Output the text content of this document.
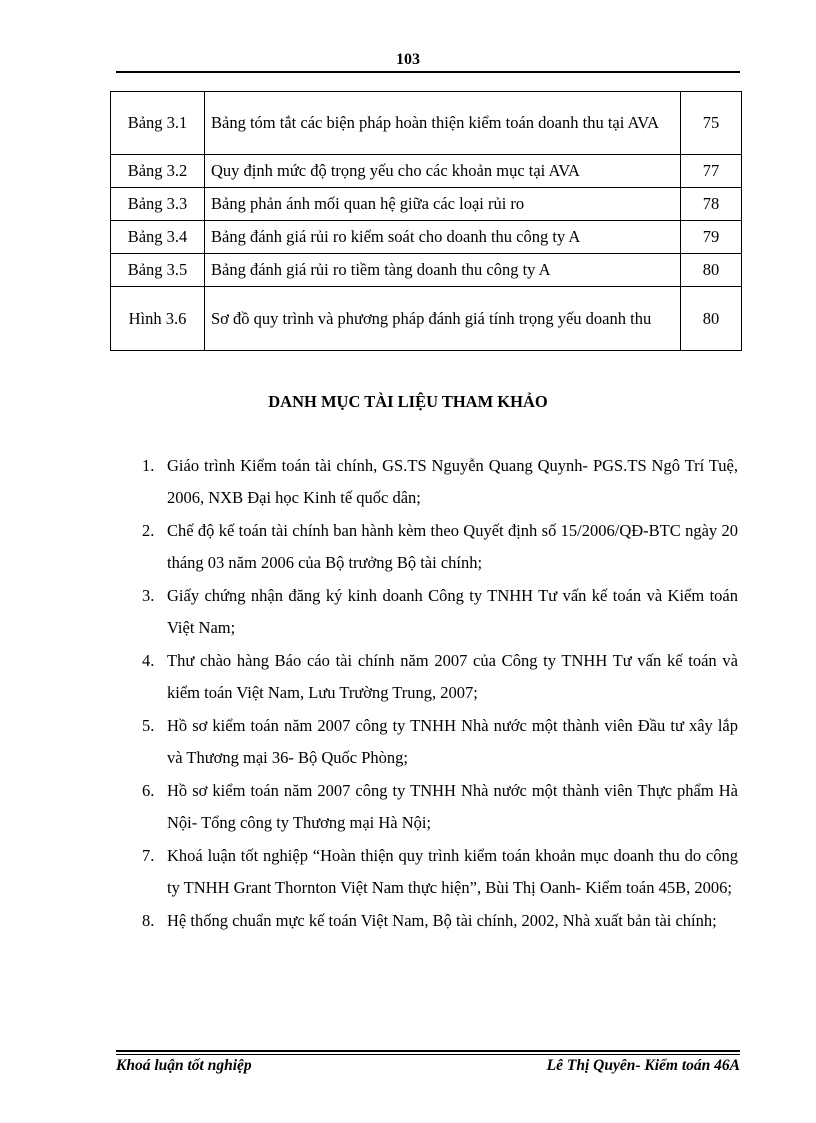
103
Bảng 3.1	Bảng tóm tắt các biện pháp hoàn thiện kiểm toán doanh thu tại AVA	75
Bảng 3.2	Quy định mức độ trọng yếu cho các khoản mục tại AVA	77
Bảng 3.3	Bảng phản ánh mối quan hệ giữa các loại rủi ro	78
Bảng 3.4	Bảng đánh giá rủi ro kiểm soát cho doanh thu công ty A	79
Bảng 3.5	Bảng đánh giá rủi ro tiềm tàng doanh thu công ty A	80
Hình 3.6	Sơ đồ quy trình và phương pháp đánh giá tính trọng yếu doanh thu	80
DANH MỤC TÀI LIỆU THAM KHẢO
1. Giáo trình Kiểm toán tài chính, GS.TS Nguyễn Quang Quynh- PGS.TS Ngô Trí Tuệ, 2006, NXB Đại học Kinh tế quốc dân;
2. Chế độ kế toán tài chính ban hành kèm theo Quyết định số 15/2006/QĐ-BTC ngày 20 tháng 03 năm 2006 của Bộ trưởng Bộ tài chính;
3. Giấy chứng nhận đăng ký kinh doanh Công ty TNHH Tư vấn kế toán và Kiểm toán Việt Nam;
4. Thư chào hàng Báo cáo tài chính năm 2007 của Công ty TNHH Tư vấn kế toán và kiểm toán Việt Nam, Lưu Trường Trung, 2007;
5. Hồ sơ kiểm toán năm 2007 công ty TNHH Nhà nước một thành viên Đầu tư xây lắp và Thương mại 36- Bộ Quốc Phòng;
6. Hồ sơ kiểm toán năm 2007 công ty TNHH Nhà nước một thành viên Thực phẩm Hà Nội- Tổng công ty Thương mại Hà Nội;
7. Khoá luận tốt nghiệp “Hoàn thiện quy trình kiểm toán khoản mục doanh thu do công ty TNHH Grant Thornton Việt Nam thực hiện”, Bùi Thị Oanh- Kiểm toán 45B, 2006;
8. Hệ thống chuẩn mực kế toán Việt Nam, Bộ tài chính, 2002, Nhà xuất bản tài chính;
Khoá luận tốt nghiệp	Lê Thị Quyên- Kiểm toán 46A
